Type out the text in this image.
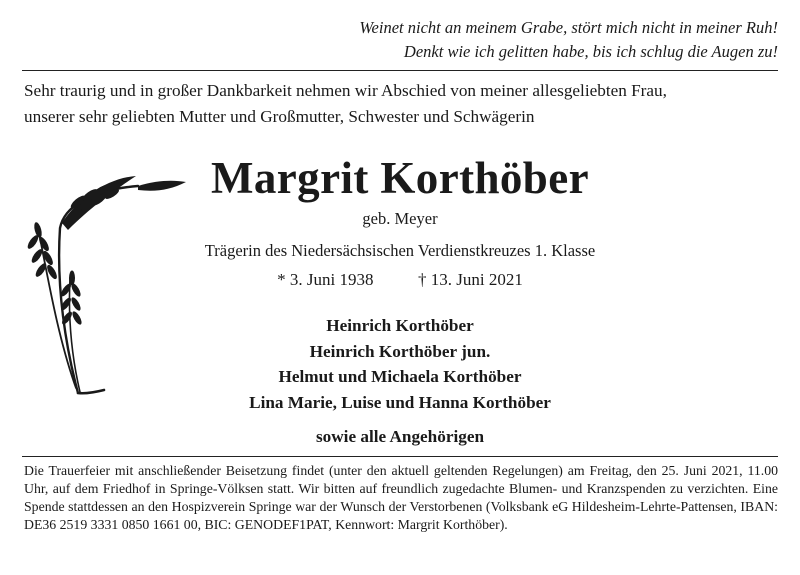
Weinet nicht an meinem Grabe, stört mich nicht in meiner Ruh!
Denkt wie ich gelitten habe, bis ich schlug die Augen zu!
Sehr traurig und in großer Dankbarkeit nehmen wir Abschied von meiner allesgeliebten Frau,
unserer sehr geliebten Mutter und Großmutter, Schwester und Schwägerin
Margrit Korthöber
geb. Meyer
Trägerin des Niedersächsischen Verdienstkreuzes 1. Klasse
* 3. Juni 1938	† 13. Juni 2021
Heinrich Korthöber
Heinrich Korthöber jun.
Helmut und Michaela Korthöber
Lina Marie, Luise und Hanna Korthöber
sowie alle Angehörigen
Die Trauerfeier mit anschließender Beisetzung findet (unter den aktuell geltenden Regelungen) am Freitag, den 25. Juni 2021, 11.00 Uhr, auf dem Friedhof in Springe-Völksen statt. Wir bitten auf freundlich zugedachte Blumen- und Kranzspenden zu verzichten. Eine Spende stattdessen an den Hospizverein Springe war der Wunsch der Verstorbenen (Volksbank eG Hildesheim-Lehrte-Pattensen, IBAN: DE36 2519 3331 0850 1661 00, BIC: GENODEF1PAT, Kennwort: Margrit Korthöber).
